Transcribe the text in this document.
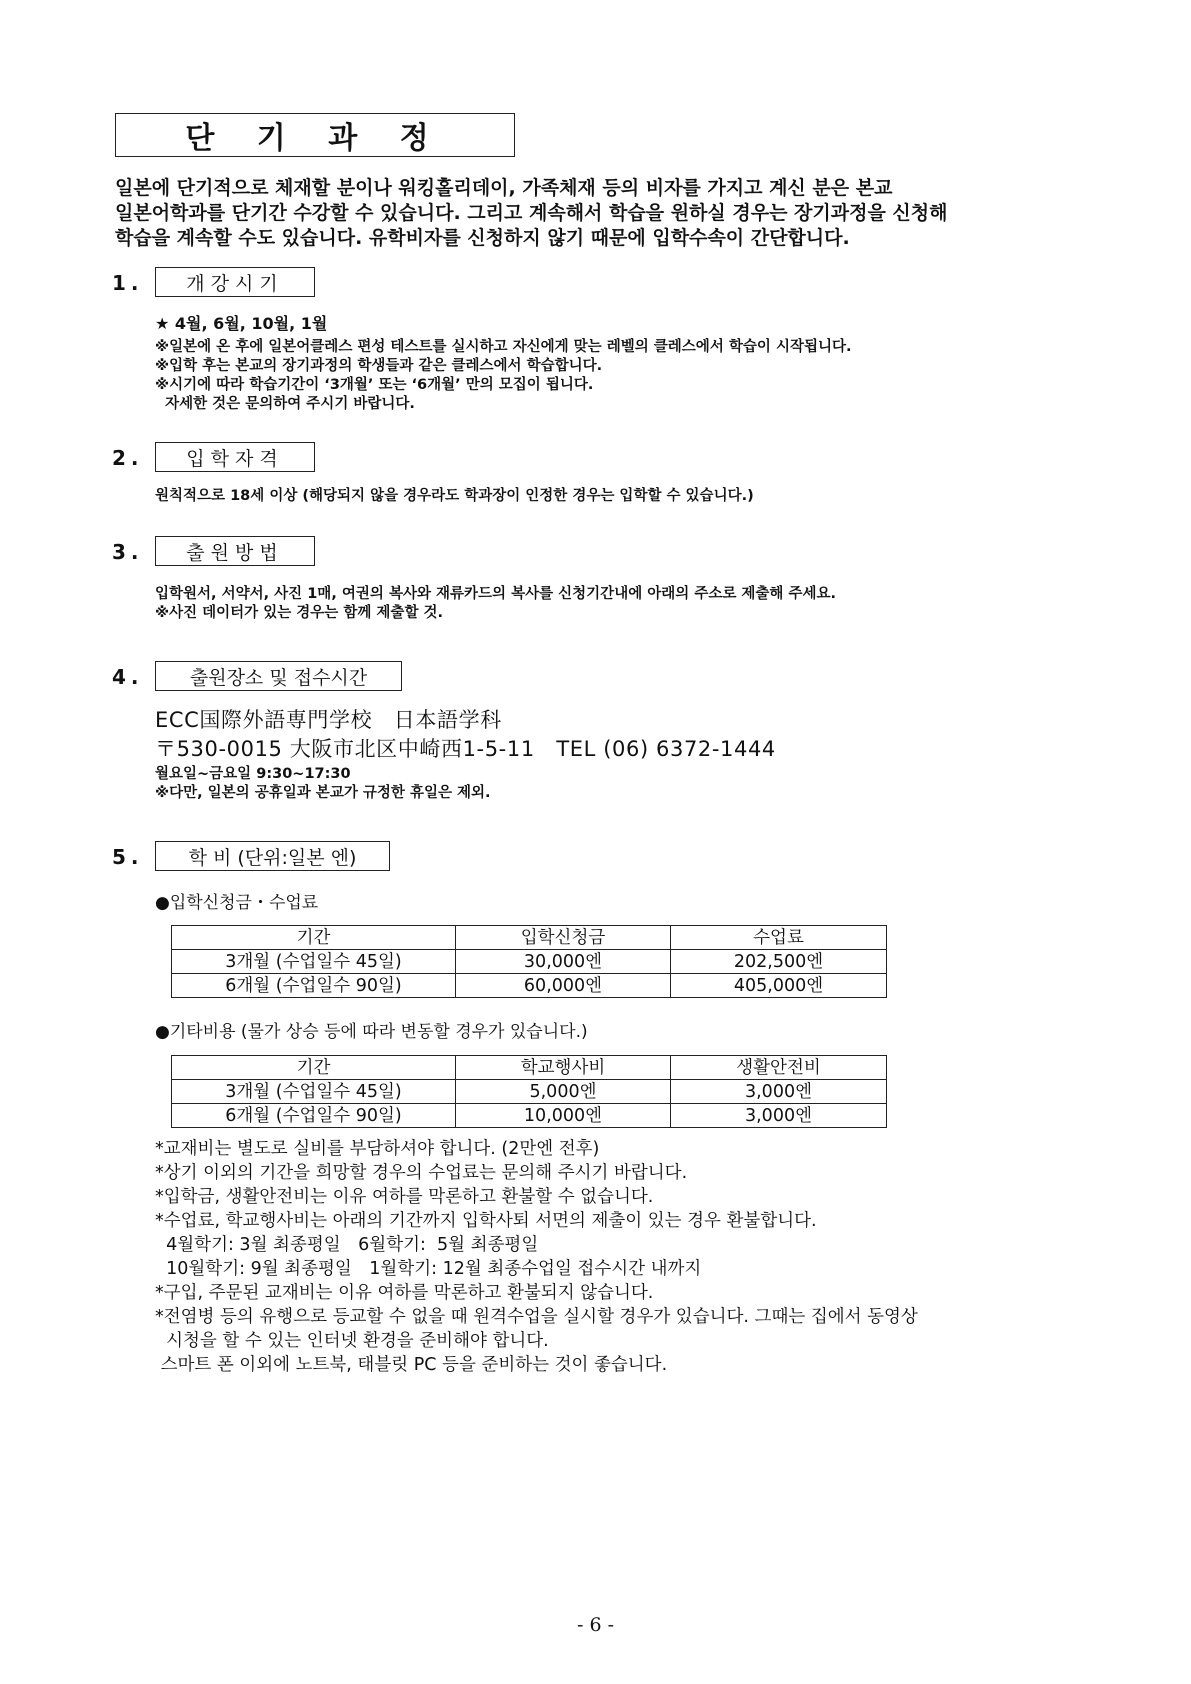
단 기 과 정
일본에 단기적으로 체재할 분이나 워킹홀리데이, 가족체재 등의 비자를 가지고 계신 분은 본교
일본어학과를 단기간 수강할 수 있습니다. 그리고 계속해서 학습을 원하실 경우는 장기과정을 신청해
학습을 계속할 수도 있습니다. 유학비자를 신청하지 않기 때문에 입학수속이 간단합니다.
1.	개강시기
★ 4월, 6월, 10월, 1월
※일본에 온 후에 일본어클레스 편성 테스트를 실시하고 자신에게 맞는 레벨의 클레스에서 학습이 시작됩니다.
※입학 후는 본교의 장기과정의 학생들과 같은 클레스에서 학습합니다.
※시기에 따라 학습기간이 ‘3개월’ 또는 ‘6개월’ 만의 모집이 됩니다.
자세한 것은 문의하여 주시기 바랍니다.
2.	입학자격
원칙적으로 18세 이상 (해당되지 않을 경우라도 학과장이 인정한 경우는 입학할 수 있습니다.)
3.	출원방법
입학원서, 서약서, 사진 1매, 여권의 복사와 재류카드의 복사를 신청기간내에 아래의 주소로 제출해 주세요.
※사진 데이터가 있는 경우는 함께 제출할 것.
4.	출원장소 및 접수시간
ECC国際外語専門学校　日本語学科
〒530-0015 大阪市北区中崎西1-5-11　TEL (06) 6372-1444
월요일~금요일 9:30~17:30
※다만, 일본의 공휴일과 본교가 규정한 휴일은 제외.
5.	학 비 (단위:일본 엔)
●입학신청금・수업료
기간	입학신청금	수업료
3개월 (수업일수 45일)	30,000엔	202,500엔
6개월 (수업일수 90일)	60,000엔	405,000엔
●기타비용 (물가 상승 등에 따라 변동할 경우가 있습니다.)
기간	학교행사비	생활안전비
3개월 (수업일수 45일)	5,000엔	3,000엔
6개월 (수업일수 90일)	10,000엔	3,000엔
*교재비는 별도로 실비를 부담하셔야 합니다. (2만엔 전후)
*상기 이외의 기간을 희망할 경우의 수업료는 문의해 주시기 바랍니다.
*입학금, 생활안전비는 이유 여하를 막론하고 환불할 수 없습니다.
*수업료, 학교행사비는 아래의 기간까지 입학사퇴 서면의 제출이 있는 경우 환불합니다.
4월학기: 3월 최종평일　6월학기:  5월 최종평일
10월학기: 9월 최종평일　1월학기: 12월 최종수업일 접수시간 내까지
*구입, 주문된 교재비는 이유 여하를 막론하고 환불되지 않습니다.
*전염병 등의 유행으로 등교할 수 없을 때 원격수업을 실시할 경우가 있습니다. 그때는 집에서 동영상
시청을 할 수 있는 인터넷 환경을 준비해야 합니다.
스마트 폰 이외에 노트북, 태블릿 PC 등을 준비하는 것이 좋습니다.
- 6 -
